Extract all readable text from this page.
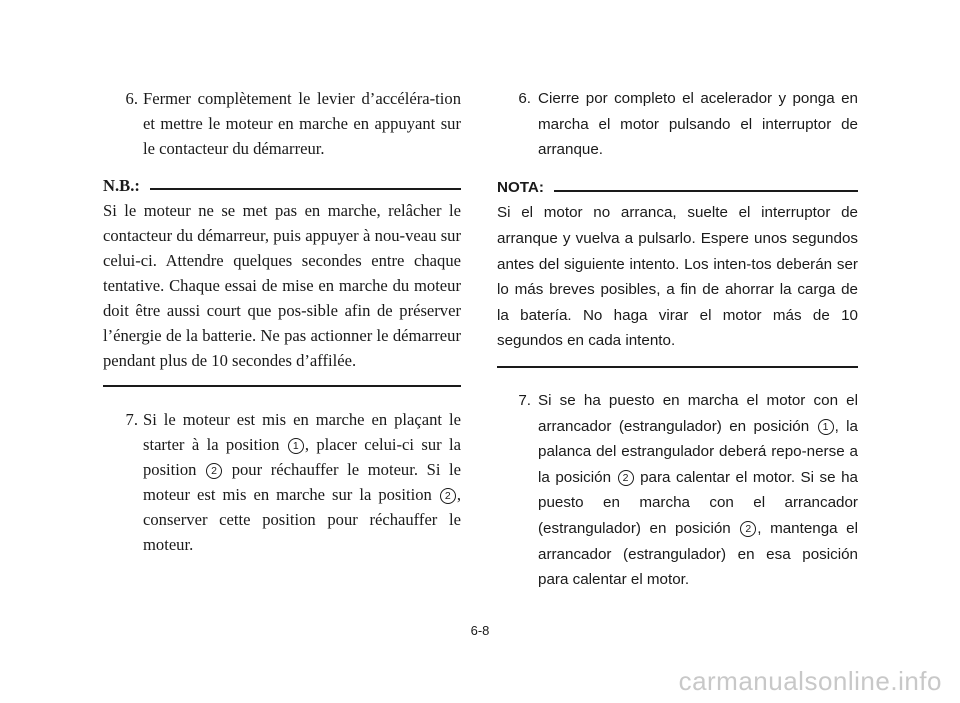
6. Fermer complètement le levier d’accéléra-tion et mettre le moteur en marche en appuyant sur le contacteur du démarreur.
N.B.:
Si le moteur ne se met pas en marche, relâcher le contacteur du démarreur, puis appuyer à nou-veau sur celui-ci. Attendre quelques secondes entre chaque tentative. Chaque essai de mise en marche du moteur doit être aussi court que pos-sible afin de préserver l’énergie de la batterie. Ne pas actionner le démarreur pendant plus de 10 secondes d’affilée.
7. Si le moteur est mis en marche en plaçant le starter à la position 1 , placer celui-ci sur la position 2 pour réchauffer le moteur. Si le moteur est mis en marche sur la position 2 , conserver cette position pour réchauffer le moteur.
6. Cierre por completo el acelerador y ponga en marcha el motor pulsando el interruptor de arranque.
NOTA:
Si el motor no arranca, suelte el interruptor de arranque y vuelva a pulsarlo. Espere unos segundos antes del siguiente intento. Los inten-tos deberán ser lo más breves posibles, a fin de ahorrar la carga de la batería. No haga virar el motor más de 10 segundos en cada intento.
7. Si se ha puesto en marcha el motor con el arrancador (estrangulador) en posición 1 , la palanca del estrangulador deberá repo-nerse a la posición 2 para calentar el motor. Si se ha puesto en marcha con el arrancador (estrangulador) en posición 2 , mantenga el arrancador (estrangulador) en esa posición para calentar el motor.
6-8
carmanualsonline.info
